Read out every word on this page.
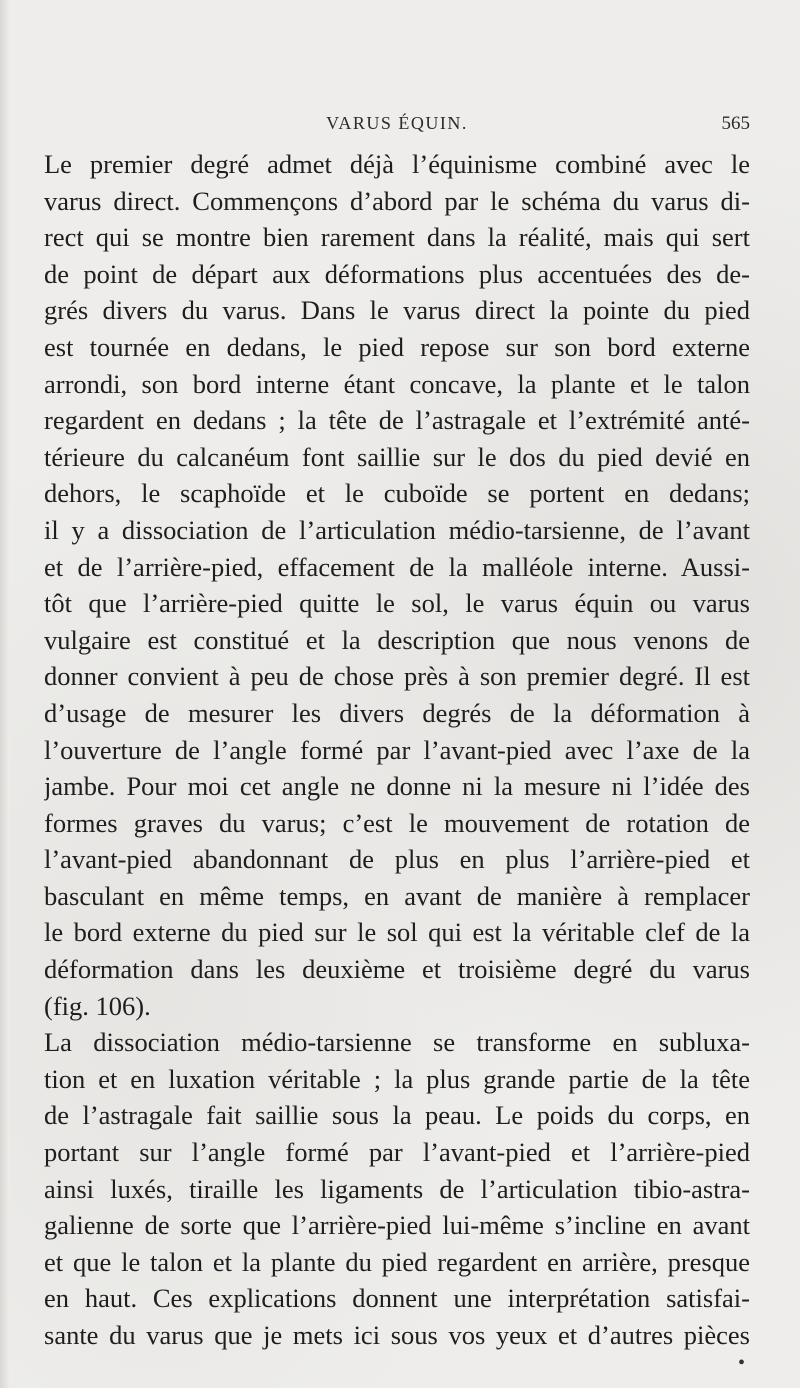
VARUS ÉQUIN.	565
Le premier degré admet déjà l’équinisme combiné avec le
varus direct. Commençons d’abord par le schéma du varus di-
rect qui se montre bien rarement dans la réalité, mais qui sert
de point de départ aux déformations plus accentuées des de-
grés divers du varus. Dans le varus direct la pointe du pied
est tournée en dedans, le pied repose sur son bord externe
arrondi, son bord interne étant concave, la plante et le talon
regardent en dedans ; la tête de l’astragale et l’extrémité anté-
térieure du calcanéum font saillie sur le dos du pied devié en
dehors, le scaphoïde et le cuboïde se portent en dedans;
il y a dissociation de l’articulation médio-tarsienne, de l’avant
et de l’arrière-pied, effacement de la malléole interne. Aussi-
tôt que l’arrière-pied quitte le sol, le varus équin ou varus
vulgaire est constitué et la description que nous venons de
donner convient à peu de chose près à son premier degré. Il est
d’usage de mesurer les divers degrés de la déformation à
l’ouverture de l’angle formé par l’avant-pied avec l’axe de la
jambe. Pour moi cet angle ne donne ni la mesure ni l’idée des
formes graves du varus; c’est le mouvement de rotation de
l’avant-pied abandonnant de plus en plus l’arrière-pied et
basculant en même temps, en avant de manière à remplacer
le bord externe du pied sur le sol qui est la véritable clef de la
déformation dans les deuxième et troisième degré du varus
(fig. 106).
La dissociation médio-tarsienne se transforme en subluxa-
tion et en luxation véritable ; la plus grande partie de la tête
de l’astragale fait saillie sous la peau. Le poids du corps, en
portant sur l’angle formé par l’avant-pied et l’arrière-pied
ainsi luxés, tiraille les ligaments de l’articulation tibio-astra-
galienne de sorte que l’arrière-pied lui-même s’incline en avant
et que le talon et la plante du pied regardent en arrière, presque
en haut. Ces explications donnent une interprétation satisfai-
sante du varus que je mets ici sous vos yeux et d’autres pièces
•
